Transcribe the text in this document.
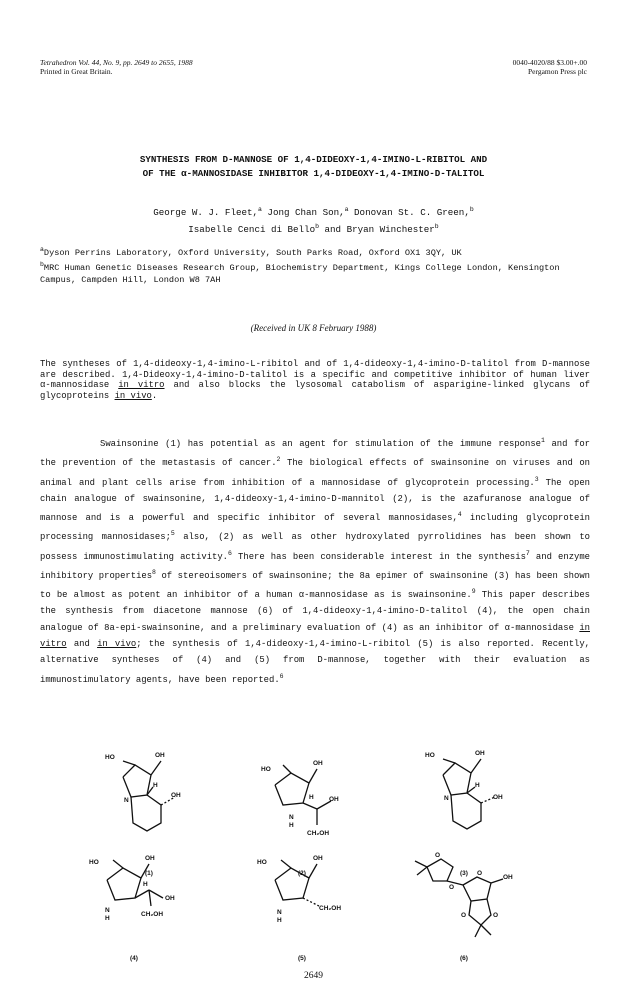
Tetrahedron Vol. 44, No. 9, pp. 2649 to 2655, 1988
Printed in Great Britain.
0040-4020/88 $3.00+.00
Pergamon Press plc
SYNTHESIS FROM D-MANNOSE OF 1,4-DIDEOXY-1,4-IMINO-L-RIBITOL AND
OF THE α-MANNOSIDASE INHIBITOR 1,4-DIDEOXY-1,4-IMINO-D-TALITOL
George W. J. Fleet,$^a$ Jong Chan Son,$^a$ Donovan St. C. Green,$^b$
Isabelle Cenci di Bello$^b$ and Bryan Winchester$^b$
$^a$Dyson Perrins Laboratory, Oxford University, South Parks Road, Oxford OX1 3QY, UK
$^b$MRC Human Genetic Diseases Research Group, Biochemistry Department, Kings College London, Kensington Campus, Campden Hill, London W8 7AH
(Received in UK 8 February 1988)
The syntheses of 1,4-dideoxy-1,4-imino-L-ribitol and of 1,4-dideoxy-1,4-imino-D-talitol from D-mannose are described. 1,4-Dideoxy-1,4-imino-D-talitol is a specific and competitive inhibitor of human liver α-mannosidase in vitro and also blocks the lysosomal catabolism of asparigine-linked glycans of glycoproteins in vivo.
Swainsonine (1) has potential as an agent for stimulation of the immune response$^1$ and for the prevention of the metastasis of cancer.$^2$ The biological effects of swainsonine on viruses and on animal and plant cells arise from inhibition of a mannosidase of glycoprotein processing.$^3$ The open chain analogue of swainsonine, 1,4-dideoxy-1,4-imino-D-mannitol (2), is the azafuranose analogue of mannose and is a powerful and specific inhibitor of several mannosidases,$^4$ including glycoprotein processing mannosidases;$^5$ also, (2) as well as other hydroxylated pyrrolidines has been shown to possess immunostimulating activity.$^6$ There has been considerable interest in the synthesis$^7$ and enzyme inhibitory properties$^8$ of stereoisomers of swainsonine; the 8a epimer of swainsonine (3) has been shown to be almost as potent an inhibitor of a human α-mannosidase as is swainsonine.$^9$ This paper describes the synthesis from diacetone mannose (6) of 1,4-dideoxy-1,4-imino-D-talitol (4), the open chain analogue of 8a-epi-swainsonine, and a preliminary evaluation of (4) as an inhibitor of α-mannosidase in vitro and in vivo; the synthesis of 1,4-dideoxy-1,4-imino-L-ribitol (5) is also reported. Recently, alternative syntheses of (4) and (5) from D-mannose, together with their evaluation as immunostimulatory agents, have been reported.$^6$
HO	OH
H
OH
N
(1)
HO
OH
H OH
N
H
CH₂OH
(2)
HO	OH
H
OH
N
(3)
HO
OH
H
OH
N
H
CH₂OH
(4)
HO
OH
CH₂OH
N
H
(5)
O
O
O
OH
O	O
(6)
2649
